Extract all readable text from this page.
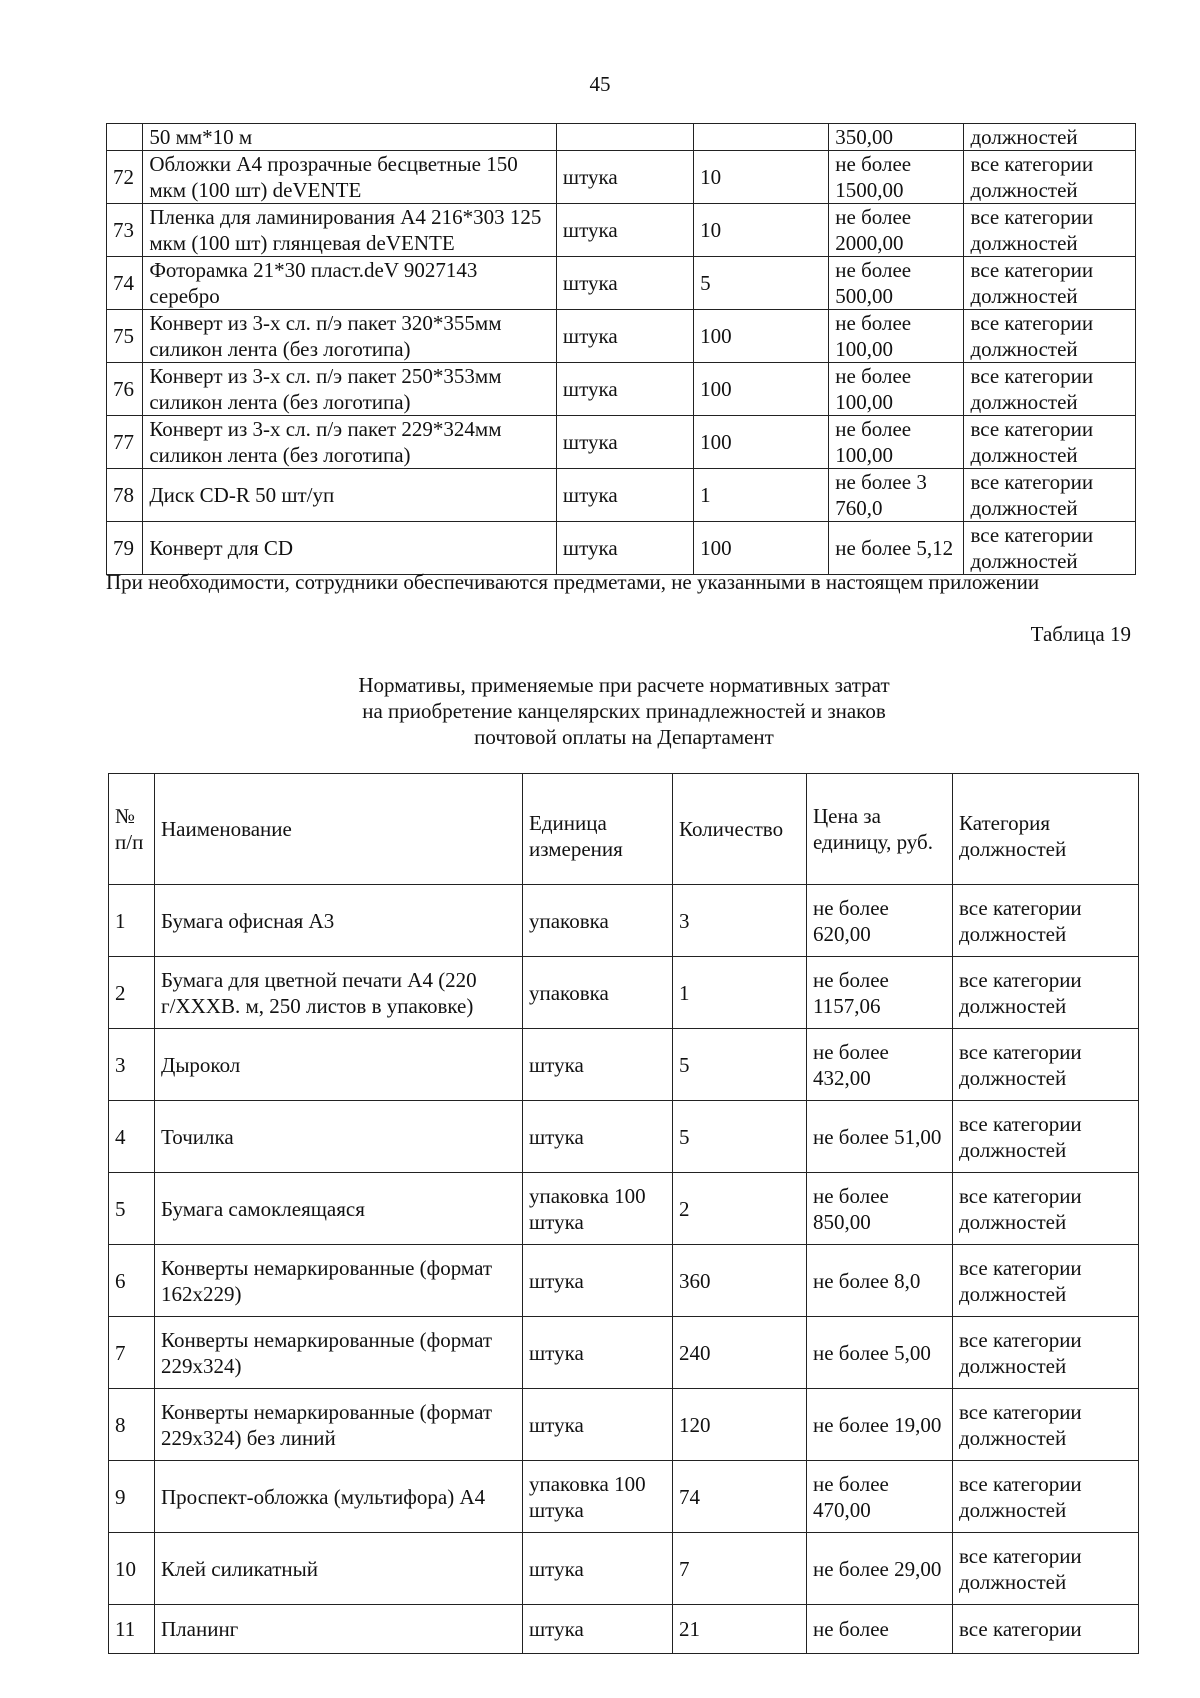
45
	50 мм*10 м			350,00	должностей
72	Обложки А4 прозрачные бесцветные 150 мкм (100 шт) deVENTE	штука	10	не более 1500,00	все категории должностей
73	Пленка для ламинирования А4 216*303 125 мкм (100 шт) глянцевая deVENTE	штука	10	не более 2000,00	все категории должностей
74	Фоторамка 21*30 пласт.deV 9027143 серебро	штука	5	не более 500,00	все категории должностей
75	Конверт из 3-х сл. п/э пакет 320*355мм силикон лента (без логотипа)	штука	100	не более 100,00	все категории должностей
76	Конверт из 3-х сл. п/э пакет 250*353мм силикон лента (без логотипа)	штука	100	не более 100,00	все категории должностей
77	Конверт из 3-х сл. п/э пакет 229*324мм силикон лента (без логотипа)	штука	100	не более 100,00	все категории должностей
78	Диск CD-R 50 шт/уп	штука	1	не более 3 760,0	все категории должностей
79	Конверт для CD	штука	100	не более 5,12	все категории должностей
При необходимости, сотрудники обеспечиваются предметами, не указанными в настоящем приложении
Таблица 19
Нормативы, применяемые при расчете нормативных затрат
на приобретение канцелярских принадлежностей и знаков
почтовой оплаты на Департамент
№ п/п	Наименование	Единица измерения	Количество	Цена за единицу, руб.	Категория должностей
1	Бумага офисная А3	упаковка	3	не более 620,00	все категории должностей
2	Бумага для цветной печати А4 (220 г/XXXВ. м, 250 листов в упаковке)	упаковка	1	не более 1157,06	все категории должностей
3	Дырокол	штука	5	не более 432,00	все категории должностей
4	Точилка	штука	5	не более 51,00	все категории должностей
5	Бумага самоклеящаяся	упаковка 100 штука	2	не более 850,00	все категории должностей
6	Конверты немаркированные (формат 162х229)	штука	360	не более 8,0	все категории должностей
7	Конверты немаркированные (формат 229х324)	штука	240	не более 5,00	все категории должностей
8	Конверты немаркированные (формат 229х324) без линий	штука	120	не более 19,00	все категории должностей
9	Проспект-обложка (мультифора) А4	упаковка 100 штука	74	не более 470,00	все категории должностей
10	Клей силикатный	штука	7	не более 29,00	все категории должностей
11	Планинг	штука	21	не более	все категории
